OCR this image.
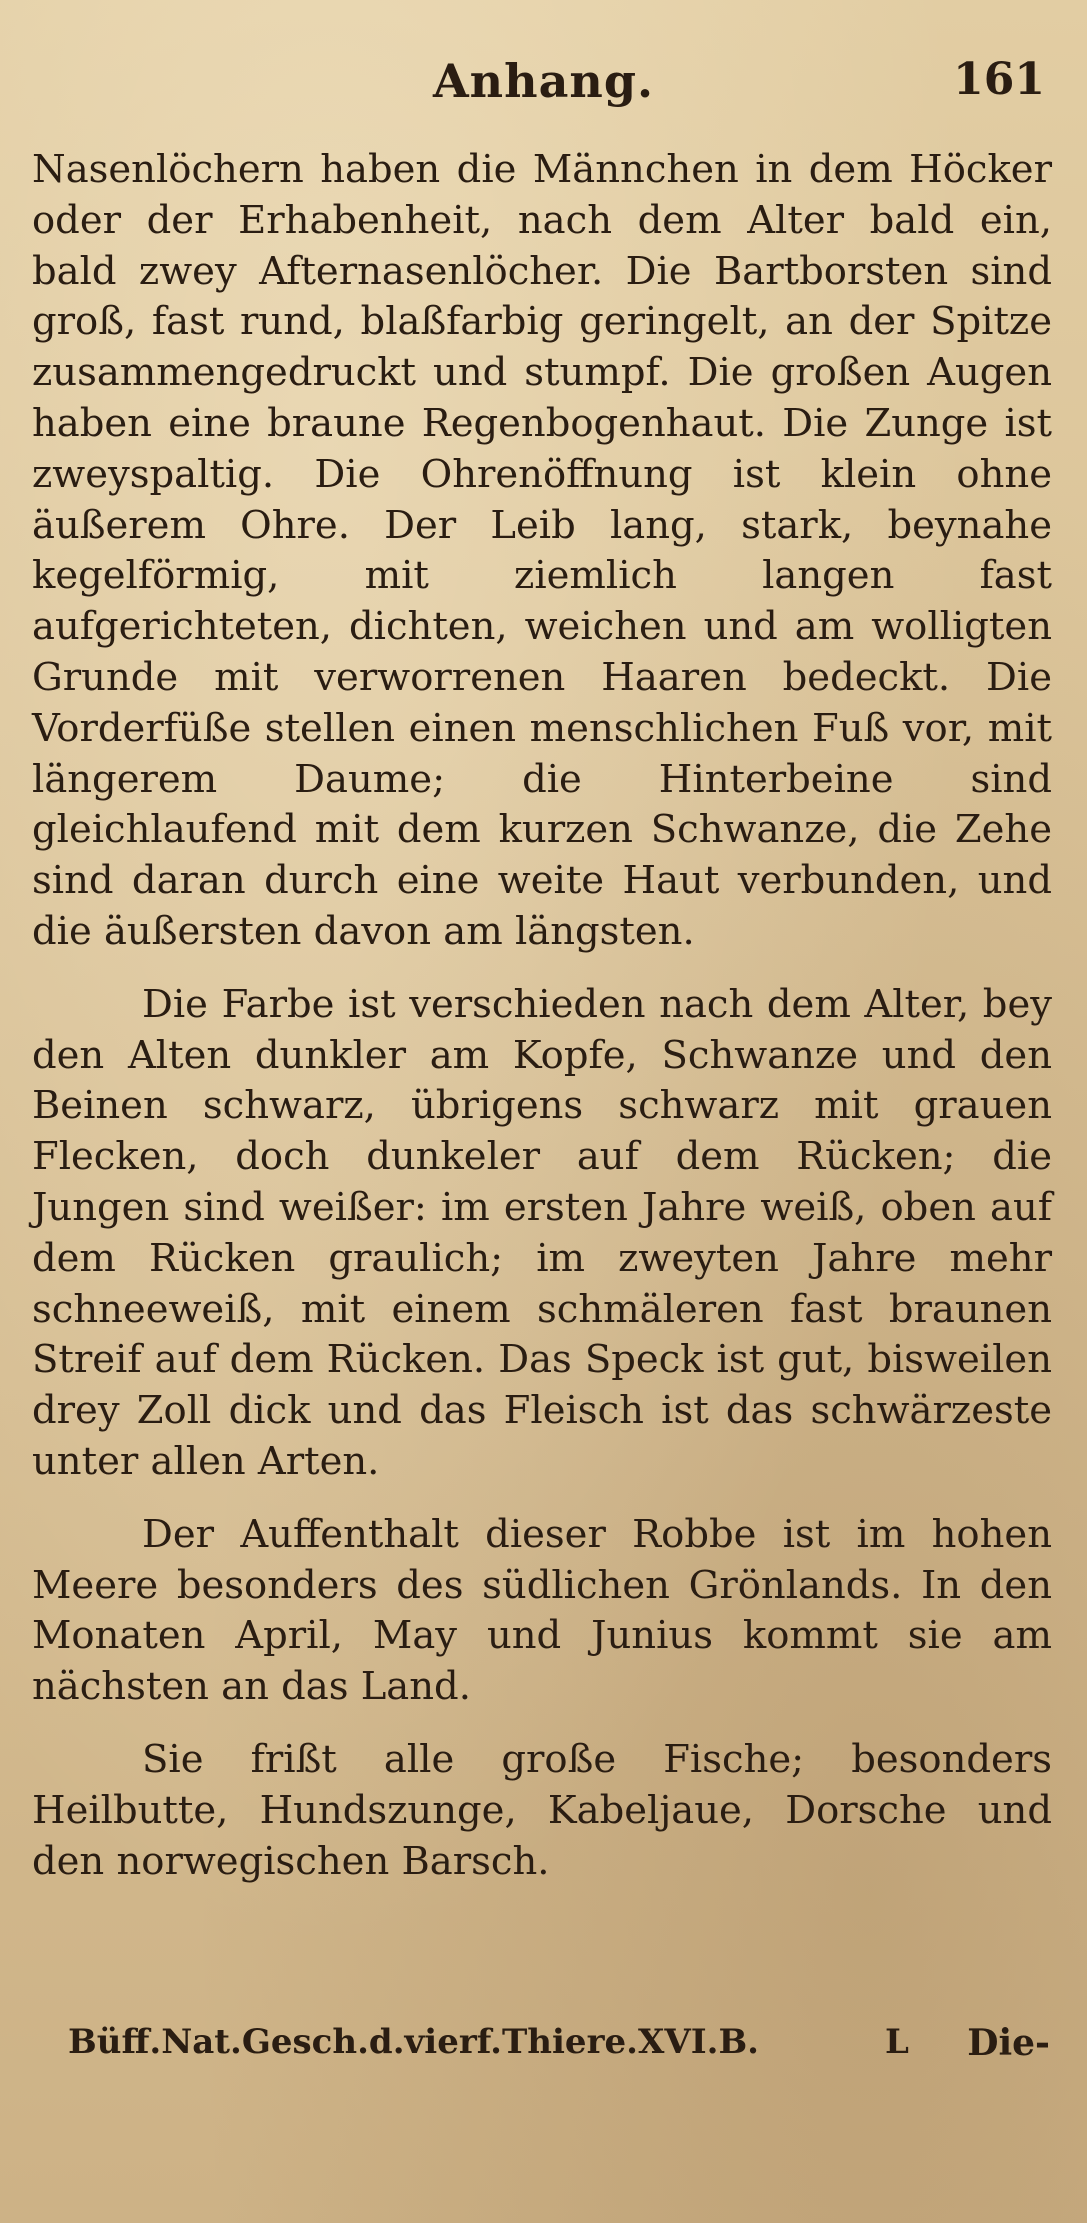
Anhang.	161

Nasenlöchern haben die Männchen in dem Höcker oder der Erhabenheit, nach dem Alter bald ein, bald zwey Afternasenlöcher. Die Bartborsten sind groß, fast rund, blaßfarbig geringelt, an der Spitze zusammengedruckt und stumpf. Die großen Augen haben eine braune Regenbogenhaut. Die Zunge ist zweyspaltig. Die Ohrenöffnung ist klein ohne äußerem Ohre. Der Leib lang, stark, beynahe kegelförmig, mit ziemlich langen fast aufgerichteten, dichten, weichen und am wolligten Grunde mit verworrenen Haaren bedeckt. Die Vorderfüße stellen einen menschlichen Fuß vor, mit längerem Daume; die Hinterbeine sind gleichlaufend mit dem kurzen Schwanze, die Zehe sind daran durch eine weite Haut verbunden, und die äußersten davon am längsten.

Die Farbe ist verschieden nach dem Alter, bey den Alten dunkler am Kopfe, Schwanze und den Beinen schwarz, übrigens schwarz mit grauen Flecken, doch dunkeler auf dem Rücken; die Jungen sind weißer: im ersten Jahre weiß, oben auf dem Rücken graulich; im zweyten Jahre mehr schneeweiß, mit einem schmäleren fast braunen Streif auf dem Rücken. Das Speck ist gut, bisweilen drey Zoll dick und das Fleisch ist das schwärzeste unter allen Arten.

Der Auffenthalt dieser Robbe ist im hohen Meere besonders des südlichen Grönlands. In den Monaten April, May und Junius kommt sie am nächsten an das Land.

Sie frißt alle große Fische; besonders Heilbutte, Hundszunge, Kabeljaue, Dorsche und den norwegischen Barsch.

Büff.Nat.Gesch.d.vierf.Thiere.XVI.B.	L Die-
